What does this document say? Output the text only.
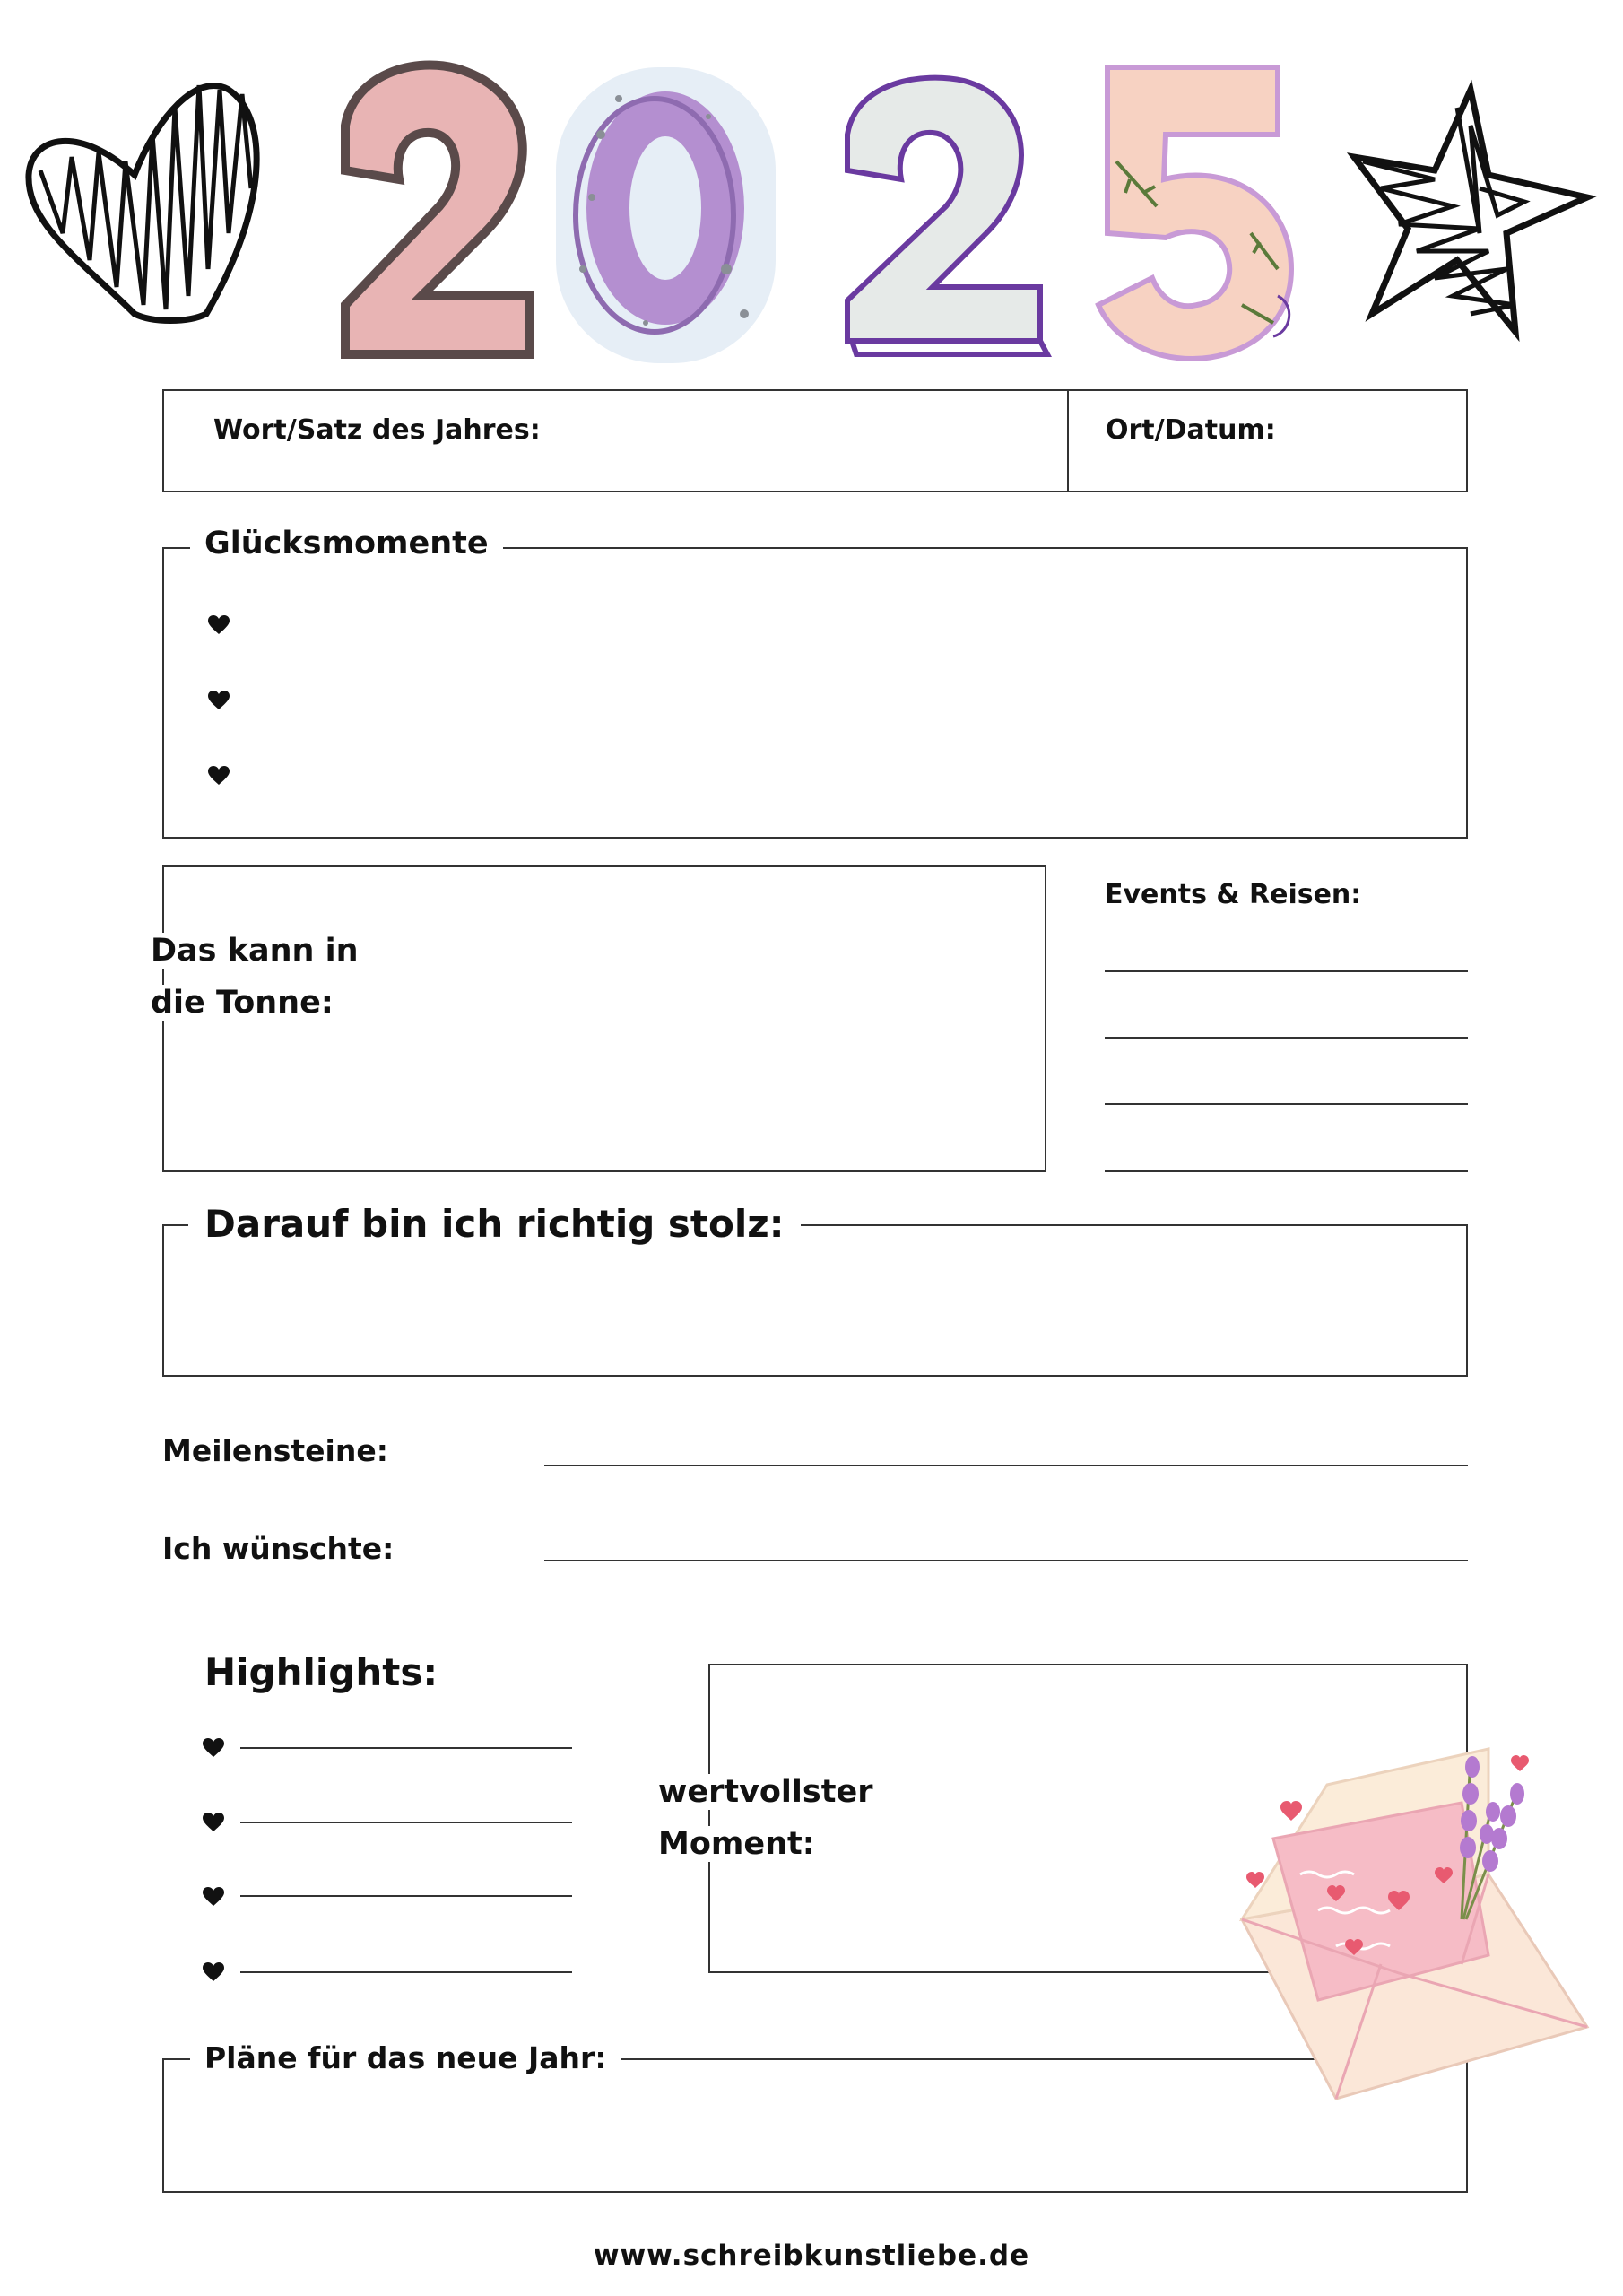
Wort/Satz des Jahres:	Ort/Datum:
Glücksmomente
Das kann in
die Tonne:
Events & Reisen:
Darauf bin ich richtig stolz:
Meilensteine:
Ich wünschte:
Highlights:
wertvollster
Moment:
Pläne für das neue Jahr:
www.schreibkunstliebe.de
